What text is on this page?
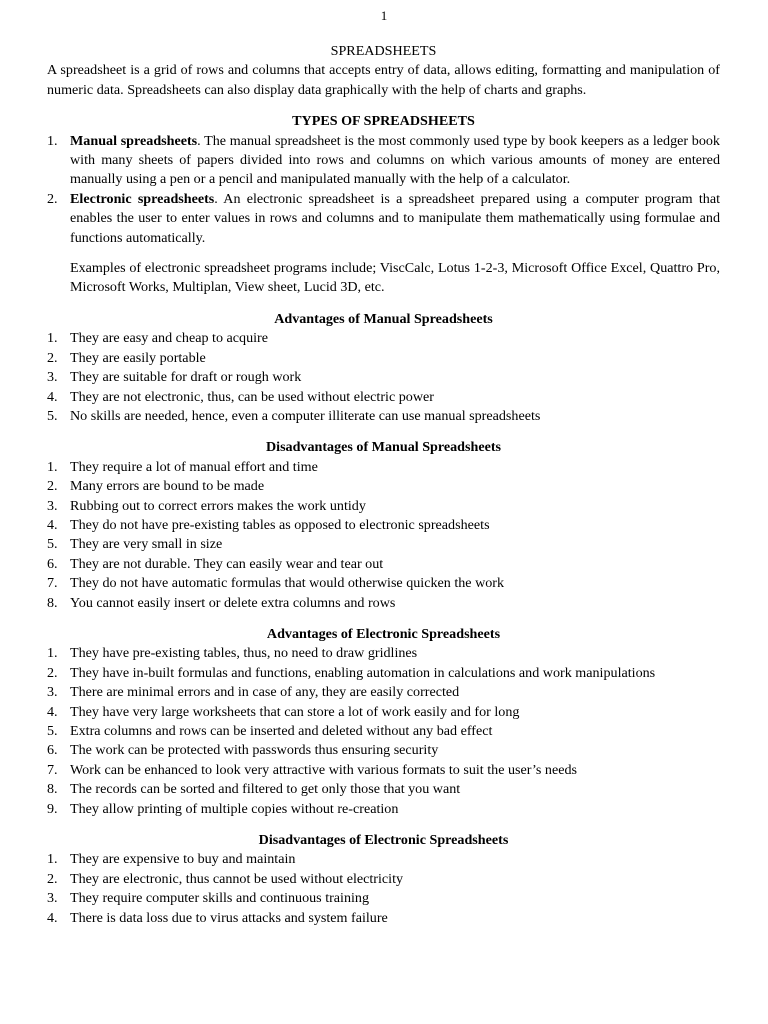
1
SPREADSHEETS
A spreadsheet is a grid of rows and columns that accepts entry of data, allows editing, formatting and manipulation of numeric data. Spreadsheets can also display data graphically with the help of charts and graphs.
TYPES OF SPREADSHEETS
1. Manual spreadsheets. The manual spreadsheet is the most commonly used type by book keepers as a ledger book with many sheets of papers divided into rows and columns on which various amounts of money are entered manually using a pen or a pencil and manipulated manually with the help of a calculator.
2. Electronic spreadsheets. An electronic spreadsheet is a spreadsheet prepared using a computer program that enables the user to enter values in rows and columns and to manipulate them mathematically using formulae and functions automatically.
Examples of electronic spreadsheet programs include; ViscCalc, Lotus 1-2-3, Microsoft Office Excel, Quattro Pro, Microsoft Works, Multiplan, View sheet, Lucid 3D, etc.
Advantages of Manual Spreadsheets
1. They are easy and cheap to acquire
2. They are easily portable
3. They are suitable for draft or rough work
4. They are not electronic, thus, can be used without electric power
5. No skills are needed, hence, even a computer illiterate can use manual spreadsheets
Disadvantages of Manual Spreadsheets
1. They require a lot of manual effort and time
2. Many errors are bound to be made
3. Rubbing out to correct errors makes the work untidy
4. They do not have pre-existing tables as opposed to electronic spreadsheets
5. They are very small in size
6. They are not durable. They can easily wear and tear out
7. They do not have automatic formulas that would otherwise quicken the work
8. You cannot easily insert or delete extra columns and rows
Advantages of Electronic Spreadsheets
1. They have pre-existing tables, thus, no need to draw gridlines
2. They have in-built formulas and functions, enabling automation in calculations and work manipulations
3. There are minimal errors and in case of any, they are easily corrected
4. They have very large worksheets that can store a lot of work easily and for long
5. Extra columns and rows can be inserted and deleted without any bad effect
6. The work can be protected with passwords thus ensuring security
7. Work can be enhanced to look very attractive with various formats to suit the user’s needs
8. The records can be sorted and filtered to get only those that you want
9. They allow printing of multiple copies without re-creation
Disadvantages of Electronic Spreadsheets
1. They are expensive to buy and maintain
2. They are electronic, thus cannot be used without electricity
3. They require computer skills and continuous training
4. There is data loss due to virus attacks and system failure
